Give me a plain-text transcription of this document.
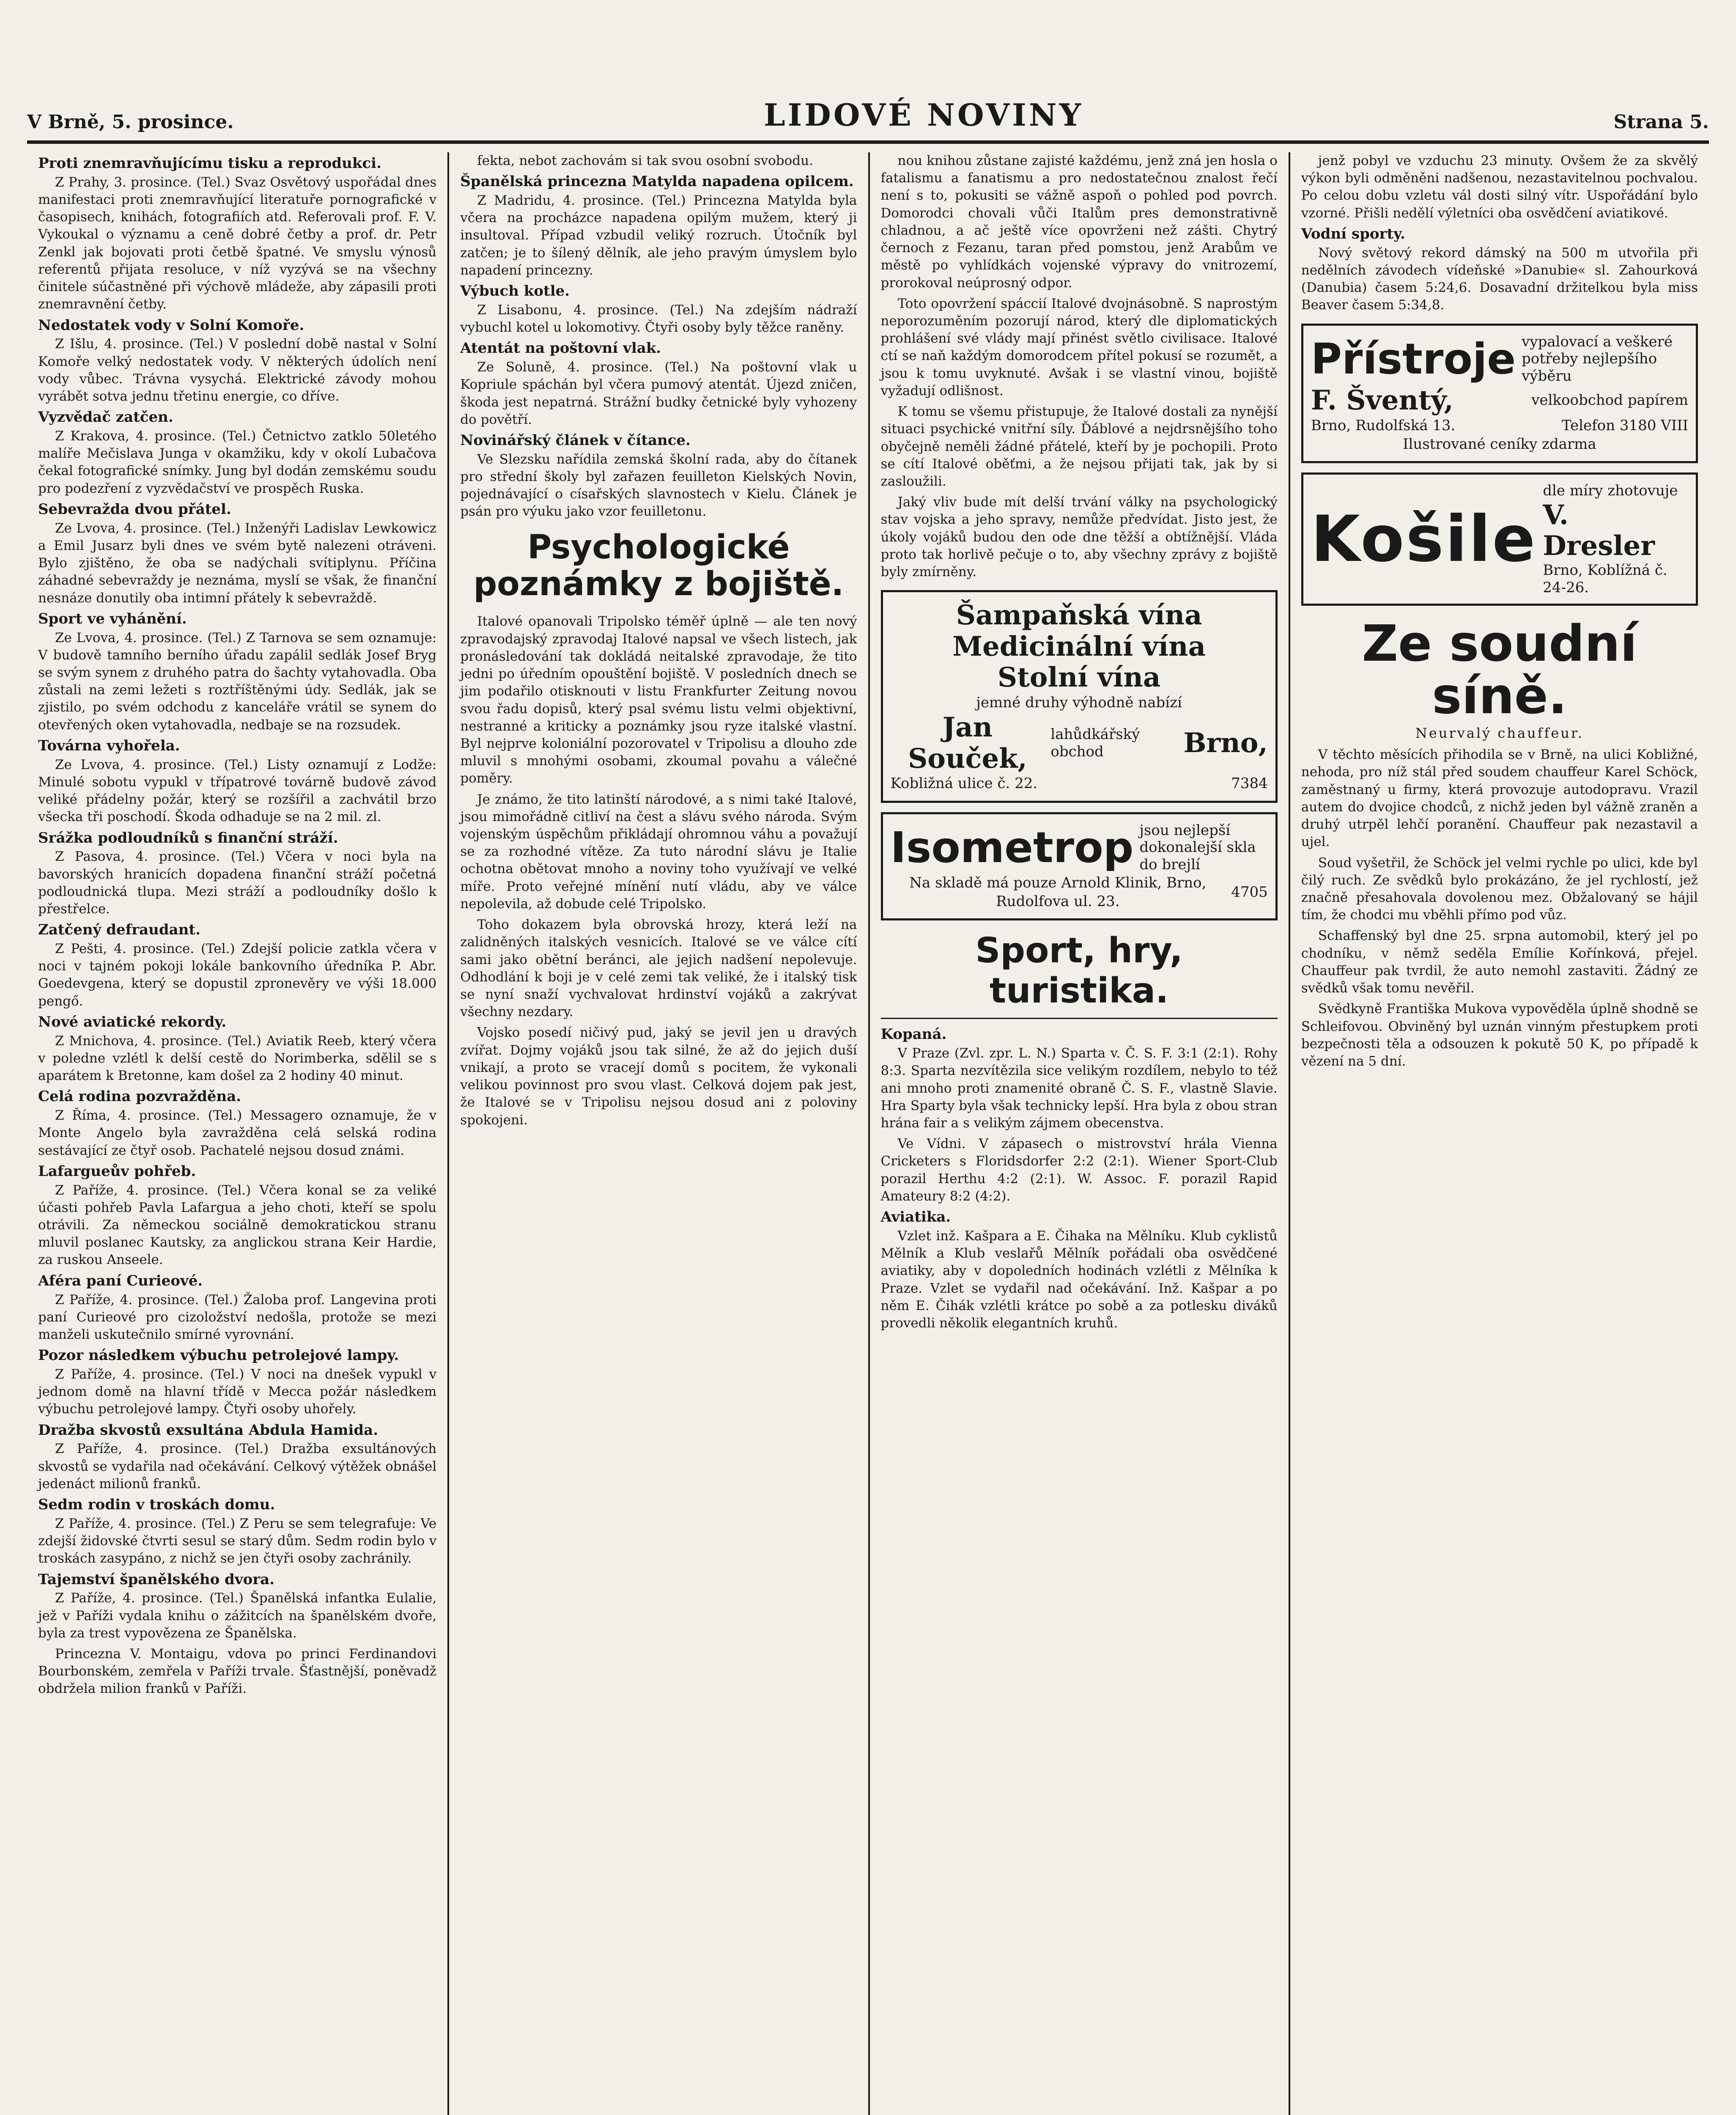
V Brně, 5. prosince.	LIDOVÉ NOVINY	Strana 5.
Proti znemravňujícímu tisku a reprodukci.

Z Prahy, 3. prosince. (Tel.) Svaz Osvětový uspořádal dnes manifestaci proti znemravňující literatuře pornografické v časopisech, knihách, fotografiích atd. Referovali prof. F. V. Vykoukal o významu a ceně dobré četby a prof. dr. Petr Zenkl jak bojovati proti četbě špatné. Ve smyslu výnosů referentů přijata resoluce, v níž vyzývá se na všechny činitele súčastněné při výchově mládeže, aby zápasili proti znemravnění četby.

Nedostatek vody v Solní Komoře.

Z Išlu, 4. prosince. (Tel.) V poslední době nastal v Solní Komoře velký nedostatek vody. V některých údolích není vody vůbec. Trávna vysychá. Elektrické závody mohou vyrábět sotva jednu třetinu energie, co dříve.

Vyzvědač zatčen.

Z Krakova, 4. prosince. (Tel.) Četnictvo zatklo 50letého malíře Mečislava Junga v okamžiku, kdy v okolí Lubačova čekal fotografické snímky. Jung byl dodán zemskému soudu pro podezření z vyzvědačství ve prospěch Ruska.

Sebevražda dvou přátel.

Ze Lvova, 4. prosince. (Tel.) Inženýři Ladislav Lewkowicz a Emil Jusarz byli dnes ve svém bytě nalezeni otráveni. Bylo zjištěno, že oba se nadýchali svítiplynu. Příčina záhadné sebevraždy je neznáma, myslí se však, že finanční nesnáze donutily oba intimní přátely k sebevraždě.

Sport ve vyhánění.

Ze Lvova, 4. prosince. (Tel.) Z Tarnova se sem oznamuje: V budově tamního berního úřadu zapálil sedlák Josef Bryg se svým synem z druhého patra do šachty vytahovadla. Oba zůstali na zemi ležeti s roztříštěnými údy. Sedlák, jak se zjistilo, po svém odchodu z kanceláře vrátil se synem do otevřených oken vytahovadla, nedbaje se na rozsudek.

Továrna vyhořela.

Ze Lvova, 4. prosince. (Tel.) Listy oznamují z Lodže: Minulé sobotu vypukl v třípatrové továrně budově závod veliké přádelny požár, který se rozšířil a zachvátil brzo všecka tři poschodí. Škoda odhaduje se na 2 mil. zl.

Srážka podloudníků s finanční stráží.

Z Pasova, 4. prosince. (Tel.) Včera v noci byla na bavorských hranicích dopadena finanční stráží početná podloudnická tlupa. Mezi stráží a podloudníky došlo k přestřelce.

Zatčený defraudant.

Z Pešti, 4. prosince. (Tel.) Zdejší policie zatkla včera v noci v tajném pokoji lokále bankovního úředníka P. Abr. Goedevgena, který se dopustil zpronevěry ve výši 18.000 pengő.

Nové aviatické rekordy.

Z Mnichova, 4. prosince. (Tel.) Aviatik Reeb, který včera v poledne vzlétl k delší cestě do Norimberka, sdělil se s aparátem k Bretonne, kam došel za 2 hodiny 40 minut.

Celá rodina pozvražděna.

Z Říma, 4. prosince. (Tel.) Messagero oznamuje, že v Monte Angelo byla zavražděna celá selská rodina sestávající ze čtyř osob. Pachatelé nejsou dosud známi.

Lafargueův pohřeb.

Z Paříže, 4. prosince. (Tel.) Včera konal se za veliké účasti pohřeb Pavla Lafargua a jeho choti, kteří se spolu otrávili. Za německou sociálně demokratickou stranu mluvil poslanec Kautsky, za anglickou strana Keir Hardie, za ruskou Anseele.

Aféra paní Curieové.

Z Paříže, 4. prosince. (Tel.) Žaloba prof. Langevina proti paní Curieové pro cizoložství nedošla, protože se mezi manželi uskutečnilo smírné vyrovnání.

Pozor následkem výbuchu petrolejové lampy.

Z Paříže, 4. prosince. (Tel.) V noci na dnešek vypukl v jednom domě na hlavní třídě v Mecca požár následkem výbuchu petrolejové lampy. Čtyři osoby uhořely.

Dražba skvostů exsultána Abdula Hamida.

Z Paříže, 4. prosince. (Tel.) Dražba exsultánových skvostů se vydařila nad očekávání. Celkový výtěžek obnášel jedenáct milionů franků.

Sedm rodin v troskách domu.

Z Paříže, 4. prosince. (Tel.) Z Peru se sem telegrafuje: Ve zdejší židovské čtvrti sesul se starý dům. Sedm rodin bylo v troskách zasypáno, z nichž se jen čtyři osoby zachránily.

Tajemství španělského dvora.

Z Paříže, 4. prosince. (Tel.) Španělská infantka Eulalie, jež v Paříži vydala knihu o zážitcích na španělském dvoře, byla za trest vypovězena ze Španělska.

Princezna V. Montaigu, vdova po princi Ferdinandovi Bourbonském, zemřela v Paříži trvale. Šťastnější, poněvadž obdržela milion franků v Paříži.

fekta, nebot zachovám si tak svou osobní svobodu.

Španělská princezna Matylda napadena opilcem.

Z Madridu, 4. prosince. (Tel.) Princezna Matylda byla včera na procházce napadena opilým mužem, který ji insultoval. Případ vzbudil veliký rozruch. Útočník byl zatčen; je to šílený dělník, ale jeho pravým úmyslem bylo napadení princezny.

Výbuch kotle.

Z Lisabonu, 4. prosince. (Tel.) Na zdejším nádraží vybuchl kotel u lokomotivy. Čtyři osoby byly těžce raněny.

Atentát na poštovní vlak.

Ze Soluně, 4. prosince. (Tel.) Na poštovní vlak u Kopriule spáchán byl včera pumový atentát. Újezd zničen, škoda jest nepatrná. Strážní budky četnické byly vyhozeny do povětří.

Novinářský článek v čítance.

Ve Slezsku nařídila zemská školní rada, aby do čítanek pro střední školy byl zařazen feuilleton Kielských Novin, pojednávající o císařských slavnostech v Kielu. Článek je psán pro výuku jako vzor feuilletonu.

Psychologické poznámky z bojiště.

Italové opanovali Tripolsko téměř úplně — ale ten nový zpravodajský zpravodaj Italové napsal ve všech listech, jak pronásledování tak dokládá neitalské zpravodaje, že tito jedni po úředním opouštění bojiště. V posledních dnech se jim podařilo otisknouti v listu Frankfurter Zeitung novou svou řadu dopisů, který psal svému listu velmi objektivní, nestranné a kriticky a poznámky jsou ryze italské vlastní. Byl nejprve koloniální pozorovatel v Tripolisu a dlouho zde mluvil s mnohými osobami, zkoumal povahu a válečné poměry.

Je známo, že tito latinští národové, a s nimi také Italové, jsou mimořádně citliví na čest a slávu svého národa. Svým vojenským úspěchům přikládají ohromnou váhu a považují se za rozhodné vítěze. Za tuto národní slávu je Italie ochotna obětovat mnoho a noviny toho využívají ve velké míře. Proto veřejné mínění nutí vládu, aby ve válce nepolevila, až dobude celé Tripolsko.

Toho dokazem byla obrovská hrozy, která leží na zalidněných italských vesnicích. Italové se ve válce cítí sami jako obětní beránci, ale jejich nadšení nepolevuje. Odhodlání k boji je v celé zemi tak veliké, že i italský tisk se nyní snaží vychvalovat hrdinství vojáků a zakrývat všechny nezdary.

Vojsko posedí ničivý pud, jaký se jevil jen u dravých zvířat. Dojmy vojáků jsou tak silné, že až do jejich duší vnikají, a proto se vracejí domů s pocitem, že vykonali velikou povinnost pro svou vlast. Celková dojem pak jest, že Italové se v Tripolisu nejsou dosud ani z poloviny spokojeni.

nou knihou zůstane zajisté každému, jenž zná jen hosla o fatalismu a fanatismu a pro nedostatečnou znalost řečí není s to, pokusiti se vážně aspoň o pohled pod povrch. Domorodci chovali vůči Italům pres demonstrativně chladnou, a ač ještě více opovrženi než zášti. Chytrý černoch z Fezanu, taran před pomstou, jenž Arabům ve městě po vyhlídkách vojenské výpravy do vnitrozemí, prorokoval neúprosný odpor.

Toto opovržení spáccií Italové dvojnásobně. S naprostým neporozuměním pozorují národ, který dle diplomatických prohlášení své vlády mají přinést světlo civilisace. Italové ctí se naň každým domorodcem přítel pokusí se rozumět, a jsou k tomu uvyknuté. Avšak i se vlastní vinou, bojiště vyžadují odlišnost.

K tomu se všemu přistupuje, že Italové dostali za nynější situaci psychické vnitřní síly. Ďáblové a nejdrsnějšího toho obyčejně neměli žádné přátelé, kteří by je pochopili. Proto se cítí Italové oběťmi, a že nejsou přijati tak, jak by si zasloužili.

Jaký vliv bude mít delší trvání války na psychologický stav vojska a jeho spravy, nemůže předvídat. Jisto jest, že úkoly vojáků budou den ode dne těžší a obtížnější. Vláda proto tak horlivě pečuje o to, aby všechny zprávy z bojiště byly zmírněny.

Šampaňská vína
Medicinální vína
Stolní vína
jemné druhy výhodně nabízí
Jan Souček,
lahůdkářský obchod	Brno,
Kobližná ulice č. 22.	7384
Isometrop jsou nejlepší dokonalejší skla do brejlí
Na skladě má pouze Arnold Klinik, Brno, Rudolfova ul. 23.
4705
Sport, hry, turistika.
Kopaná.

V Praze (Zvl. zpr. L. N.) Sparta v. Č. S. F. 3:1 (2:1). Rohy 8:3. Sparta nezvítězila sice velikým rozdílem, nebylo to též ani mnoho proti znamenité obraně Č. S. F., vlastně Slavie. Hra Sparty byla však technicky lepší. Hra byla z obou stran hrána fair a s velikým zájmem obecenstva.

Ve Vídni. V zápasech o mistrovství hrála Vienna Cricketers s Floridsdorfer 2:2 (2:1). Wiener Sport-Club porazil Herthu 4:2 (2:1). W. Assoc. F. porazil Rapid Amateury 8:2 (4:2).

Aviatika.

Vzlet inž. Kašpara a E. Čihaka na Mělníku. Klub cyklistů Mělník a Klub veslařů Mělník pořádali oba osvědčené aviatiky, aby v dopoledních hodinách vzlétli z Mělníka k Praze. Vzlet se vydařil nad očekávání. Inž. Kašpar a po něm E. Čihák vzlétli krátce po sobě a za potlesku diváků provedli několik elegantních kruhů.

jenž pobyl ve vzduchu 23 minuty. Ovšem že za skvělý výkon byli odměněni nadšenou, nezastavitelnou pochvalou. Po celou dobu vzletu vál dosti silný vítr. Uspořádání bylo vzorné. Přišli nedělí výletníci oba osvědčení aviatikové.

Vodní sporty.

Nový světový rekord dámský na 500 m utvořila při nedělních závodech vídeňské »Danubie« sl. Zahourková (Danubia) časem 5:24,6. Dosavadní držitelkou byla miss Beaver časem 5:34,8.

Přístroje vypalovací a veškeré potřeby nejlepšího výběru
F. Šventý,	velkoobchod papírem
Brno, Rudolfská 13.	Telefon 3180 VIII
Ilustrované ceníky zdarma
Košile
dle míry zhotovuje
V. Dresler
Brno, Koblížná č. 24-26.
Ze soudní síně.
Neurvalý chauffeur.

V těchto měsících přihodila se v Brně, na ulici Kobližné, nehoda, pro níž stál před soudem chauffeur Karel Schöck, zaměstnaný u firmy, která provozuje autodopravu. Vrazil autem do dvojice chodců, z nichž jeden byl vážně zraněn a druhý utrpěl lehčí poranění. Chauffeur pak nezastavil a ujel.

Soud vyšetřil, že Schöck jel velmi rychle po ulici, kde byl čilý ruch. Ze svědků bylo prokázáno, že jel rychlostí, jež značně přesahovala dovolenou mez. Obžalovaný se hájil tím, že chodci mu vběhli přímo pod vůz.

Schaffenský byl dne 25. srpna automobil, který jel po chodníku, v němž seděla Emílie Kořínková, přejel. Chauffeur pak tvrdil, že auto nemohl zastaviti. Žádný ze svědků však tomu nevěřil.

Svědkyně Františka Mukova vypověděla úplně shodně se Schleifovou. Obviněný byl uznán vinným přestupkem proti bezpečnosti těla a odsouzen k pokutě 50 K, po případě k vězení na 5 dní.
